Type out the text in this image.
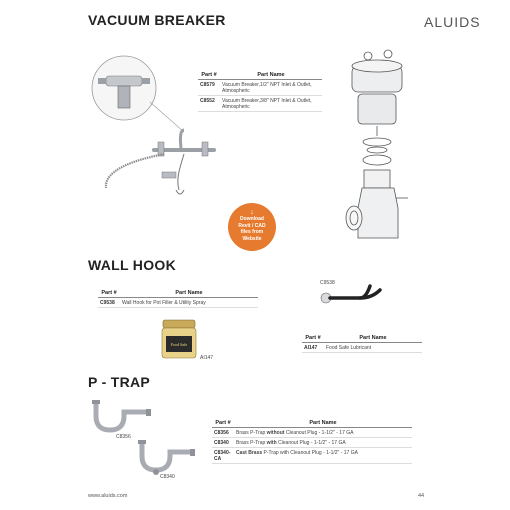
ALUIDS
VACUUM BREAKER
Part #	Part Name
C8579	Vacuum Breaker,1/2" NPT Inlet & Outlet, Atmospheric
C8552	Vacuum Breaker,3/8" NPT Inlet & Outlet, Atmospheric
↓
Download
Revit / CAD
files from
Website
WALL HOOK
Part #	Part Name
C9538	Wall Hook for Pot Filler & Utility Spray
C9538
Food Safe
AI147
Part #	Part Name
AI147	Food Safe Lubricant
P - TRAP
C8356
C8340
Part #	Part Name
C8356	Brass P-Trap without Cleanout Plug - 1-1/2" - 17 GA
C8340	Brass P-Trap with Cleanout Plug - 1-1/2" - 17 GA
C8340-CA	Cast Brass P-Trap with Cleanout Plug - 1-1/2" - 17 GA
www.aluids.com	44
